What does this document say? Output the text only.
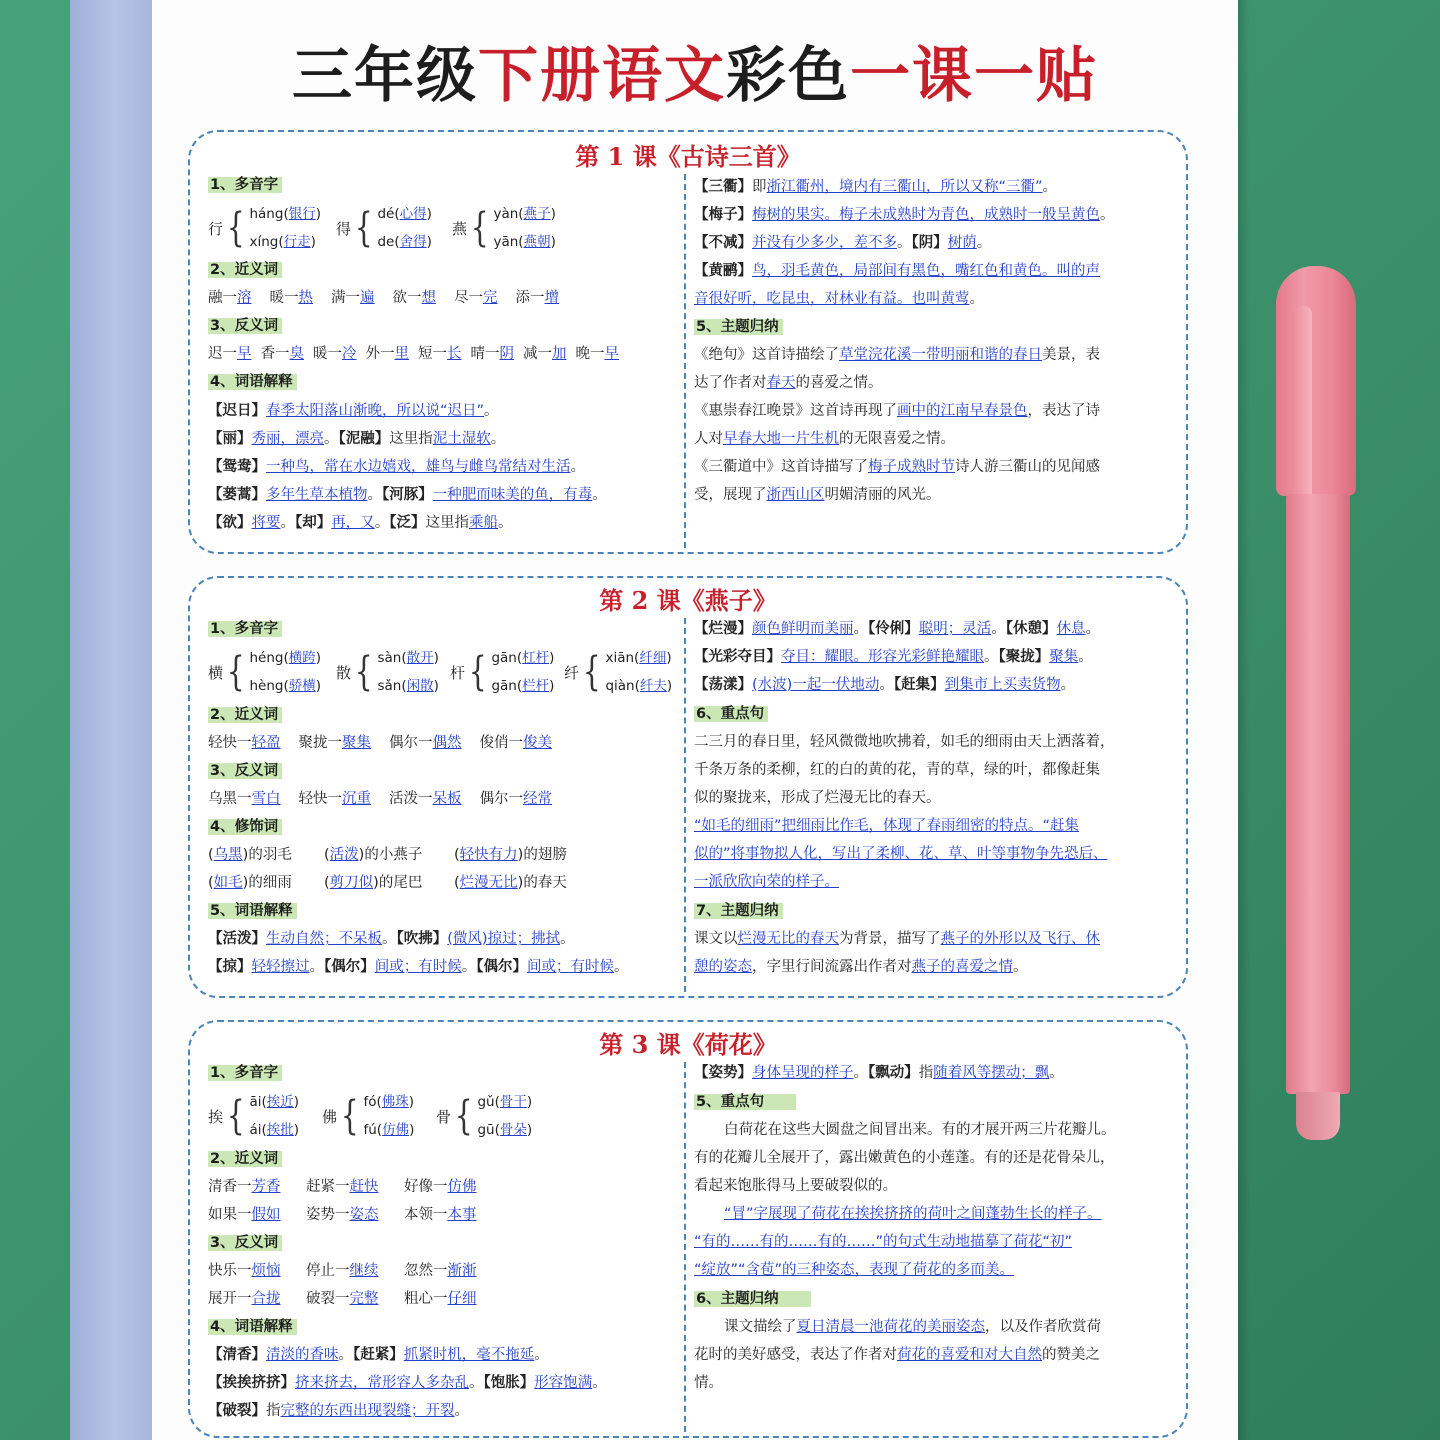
三年级下册语文彩色一课一贴
第 1 课《古诗三首》
1、多音字
行 { háng(银行)
xíng(行走)
得 { dé(心得)
de(舍得)
燕 { yàn(燕子)
yān(燕朝)
2、近义词
融一溶 暖一热 满一遍 欲一想 尽一完 添一增
3、反义词
迟一早 香一臭 暖一冷 外一里 短一长 晴一阴 减一加 晚一早
4、词语解释
【迟日】春季太阳落山渐晚，所以说“迟日”。
【丽】秀丽，漂亮。【泥融】这里指泥土湿软。
【鸳鸯】一种鸟，常在水边嬉戏，雄鸟与雌鸟常结对生活。
【蒌蒿】多年生草本植物。【河豚】一种肥而味美的鱼，有毒。
【欲】将要。【却】再，又。【泛】这里指乘船。
【三衢】即浙江衢州，境内有三衢山，所以又称“三衢”。
【梅子】梅树的果实。梅子未成熟时为青色，成熟时一般呈黄色。
【不减】并没有少多少，差不多。【阴】树荫。
【黄鹂】鸟，羽毛黄色，局部间有黑色，嘴红色和黄色。叫的声
音很好听，吃昆虫，对林业有益。也叫黄莺。
5、主题归纳
《绝句》这首诗描绘了草堂浣花溪一带明丽和谐的春日美景，表
达了作者对春天的喜爱之情。
《惠崇春江晚景》这首诗再现了画中的江南早春景色，表达了诗
人对早春大地一片生机的无限喜爱之情。
《三衢道中》这首诗描写了梅子成熟时节诗人游三衢山的见闻感
受，展现了浙西山区明媚清丽的风光。
第 2 课《燕子》
1、多音字
横 { héng(横跨)
hèng(骄横)
散 { sàn(散开)
sǎn(闲散)
杆 { gān(杠杆)
gān(栏杆)
纤 { xiān(纤细)
qiàn(纤夫)
2、近义词
轻快一轻盈 聚拢一聚集 偶尔一偶然 俊俏一俊美
3、反义词
乌黑一雪白 轻快一沉重 活泼一呆板 偶尔一经常
4、修饰词
(乌黑)的羽毛 (活泼)的小燕子 (轻快有力)的翅膀
(如毛)的细雨 (剪刀似)的尾巴 (烂漫无比)的春天
5、词语解释
【活泼】生动自然；不呆板。【吹拂】(微风)掠过；拂拭。
【掠】轻轻擦过。【偶尔】间或；有时候。【偶尔】间或；有时候。
【烂漫】颜色鲜明而美丽。【伶俐】聪明；灵活。【休憩】休息。
【光彩夺目】夺目：耀眼。形容光彩鲜艳耀眼。【聚拢】聚集。
【荡漾】(水波)一起一伏地动。【赶集】到集市上买卖货物。
6、重点句
二三月的春日里，轻风微微地吹拂着，如毛的细雨由天上洒落着，
千条万条的柔柳，红的白的黄的花，青的草，绿的叶，都像赶集
似的聚拢来，形成了烂漫无比的春天。
“如毛的细雨”把细雨比作毛，体现了春雨细密的特点。“赶集
似的”将事物拟人化，写出了柔柳、花、草、叶等事物争先恐后、
一派欣欣向荣的样子。
7、主题归纳
课文以烂漫无比的春天为背景，描写了燕子的外形以及飞行、休
憩的姿态，字里行间流露出作者对燕子的喜爱之情。
第 3 课《荷花》
1、多音字
挨 { āi(挨近)
ái(挨批)
佛 { fó(佛珠)
fú(仿佛)
骨 { gǔ(骨干)
gū(骨朵)
2、近义词
清香一芳香 赶紧一赶快 好像一仿佛
如果一假如 姿势一姿态 本领一本事
3、反义词
快乐一烦恼 停止一继续 忽然一渐渐
展开一合拢 破裂一完整 粗心一仔细
4、词语解释
【清香】清淡的香味。【赶紧】抓紧时机，毫不拖延。
【挨挨挤挤】挤来挤去，常形容人多杂乱。【饱胀】形容饱满。
【破裂】指完整的东西出现裂缝；开裂。
【姿势】身体呈现的样子。【飘动】指随着风等摆动；飘。
5、重点句
白荷花在这些大圆盘之间冒出来。有的才展开两三片花瓣儿。
有的花瓣儿全展开了，露出嫩黄色的小莲蓬。有的还是花骨朵儿，
看起来饱胀得马上要破裂似的。
“冒”字展现了荷花在挨挨挤挤的荷叶之间蓬勃生长的样子。
“有的……有的……有的……”的句式生动地描摹了荷花“初”
“绽放”“含苞”的三种姿态，表现了荷花的多而美。
6、主题归纳
课文描绘了夏日清晨一池荷花的美丽姿态，以及作者欣赏荷
花时的美好感受，表达了作者对荷花的喜爱和对大自然的赞美之
情。
